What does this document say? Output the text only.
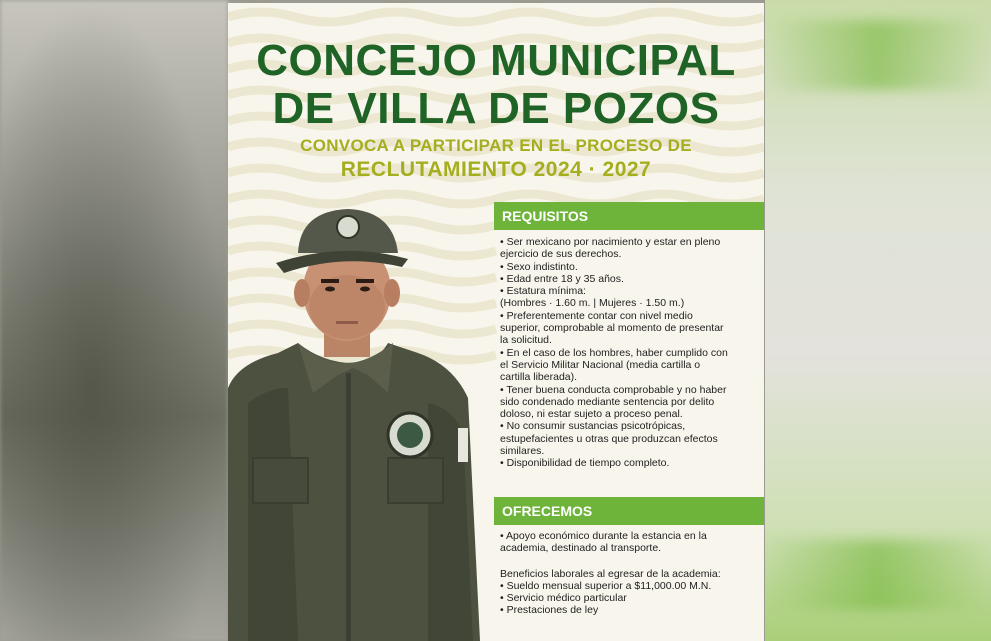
CONCEJO MUNICIPAL
DE VILLA DE POZOS
CONVOCA A PARTICIPAR EN EL PROCESO DE
RECLUTAMIENTO 2024 · 2027
REQUISITOS

• Ser mexicano por nacimiento y estar en pleno

ejercicio de sus derechos.

• Sexo indistinto.

• Edad entre 18 y 35 años.

• Estatura mínima:

(Hombres · 1.60 m. | Mujeres · 1.50 m.)

• Preferentemente contar con nivel medio

superior, comprobable al momento de presentar

la solicitud.

• En el caso de los hombres, haber cumplido con

el Servicio Militar Nacional (media cartilla o

cartilla liberada).

• Tener buena conducta comprobable y no haber

sido condenado mediante sentencia por delito

doloso, ni estar sujeto a proceso penal.

• No consumir sustancias psicotrópicas,

estupefacientes u otras que produzcan efectos

similares.

• Disponibilidad de tiempo completo.

OFRECEMOS

• Apoyo económico durante la estancia en la

academia, destinado al transporte.

Beneficios laborales al egresar de la academia:

• Sueldo mensual superior a $11,000.00 M.N.

• Servicio médico particular

• Prestaciones de ley
